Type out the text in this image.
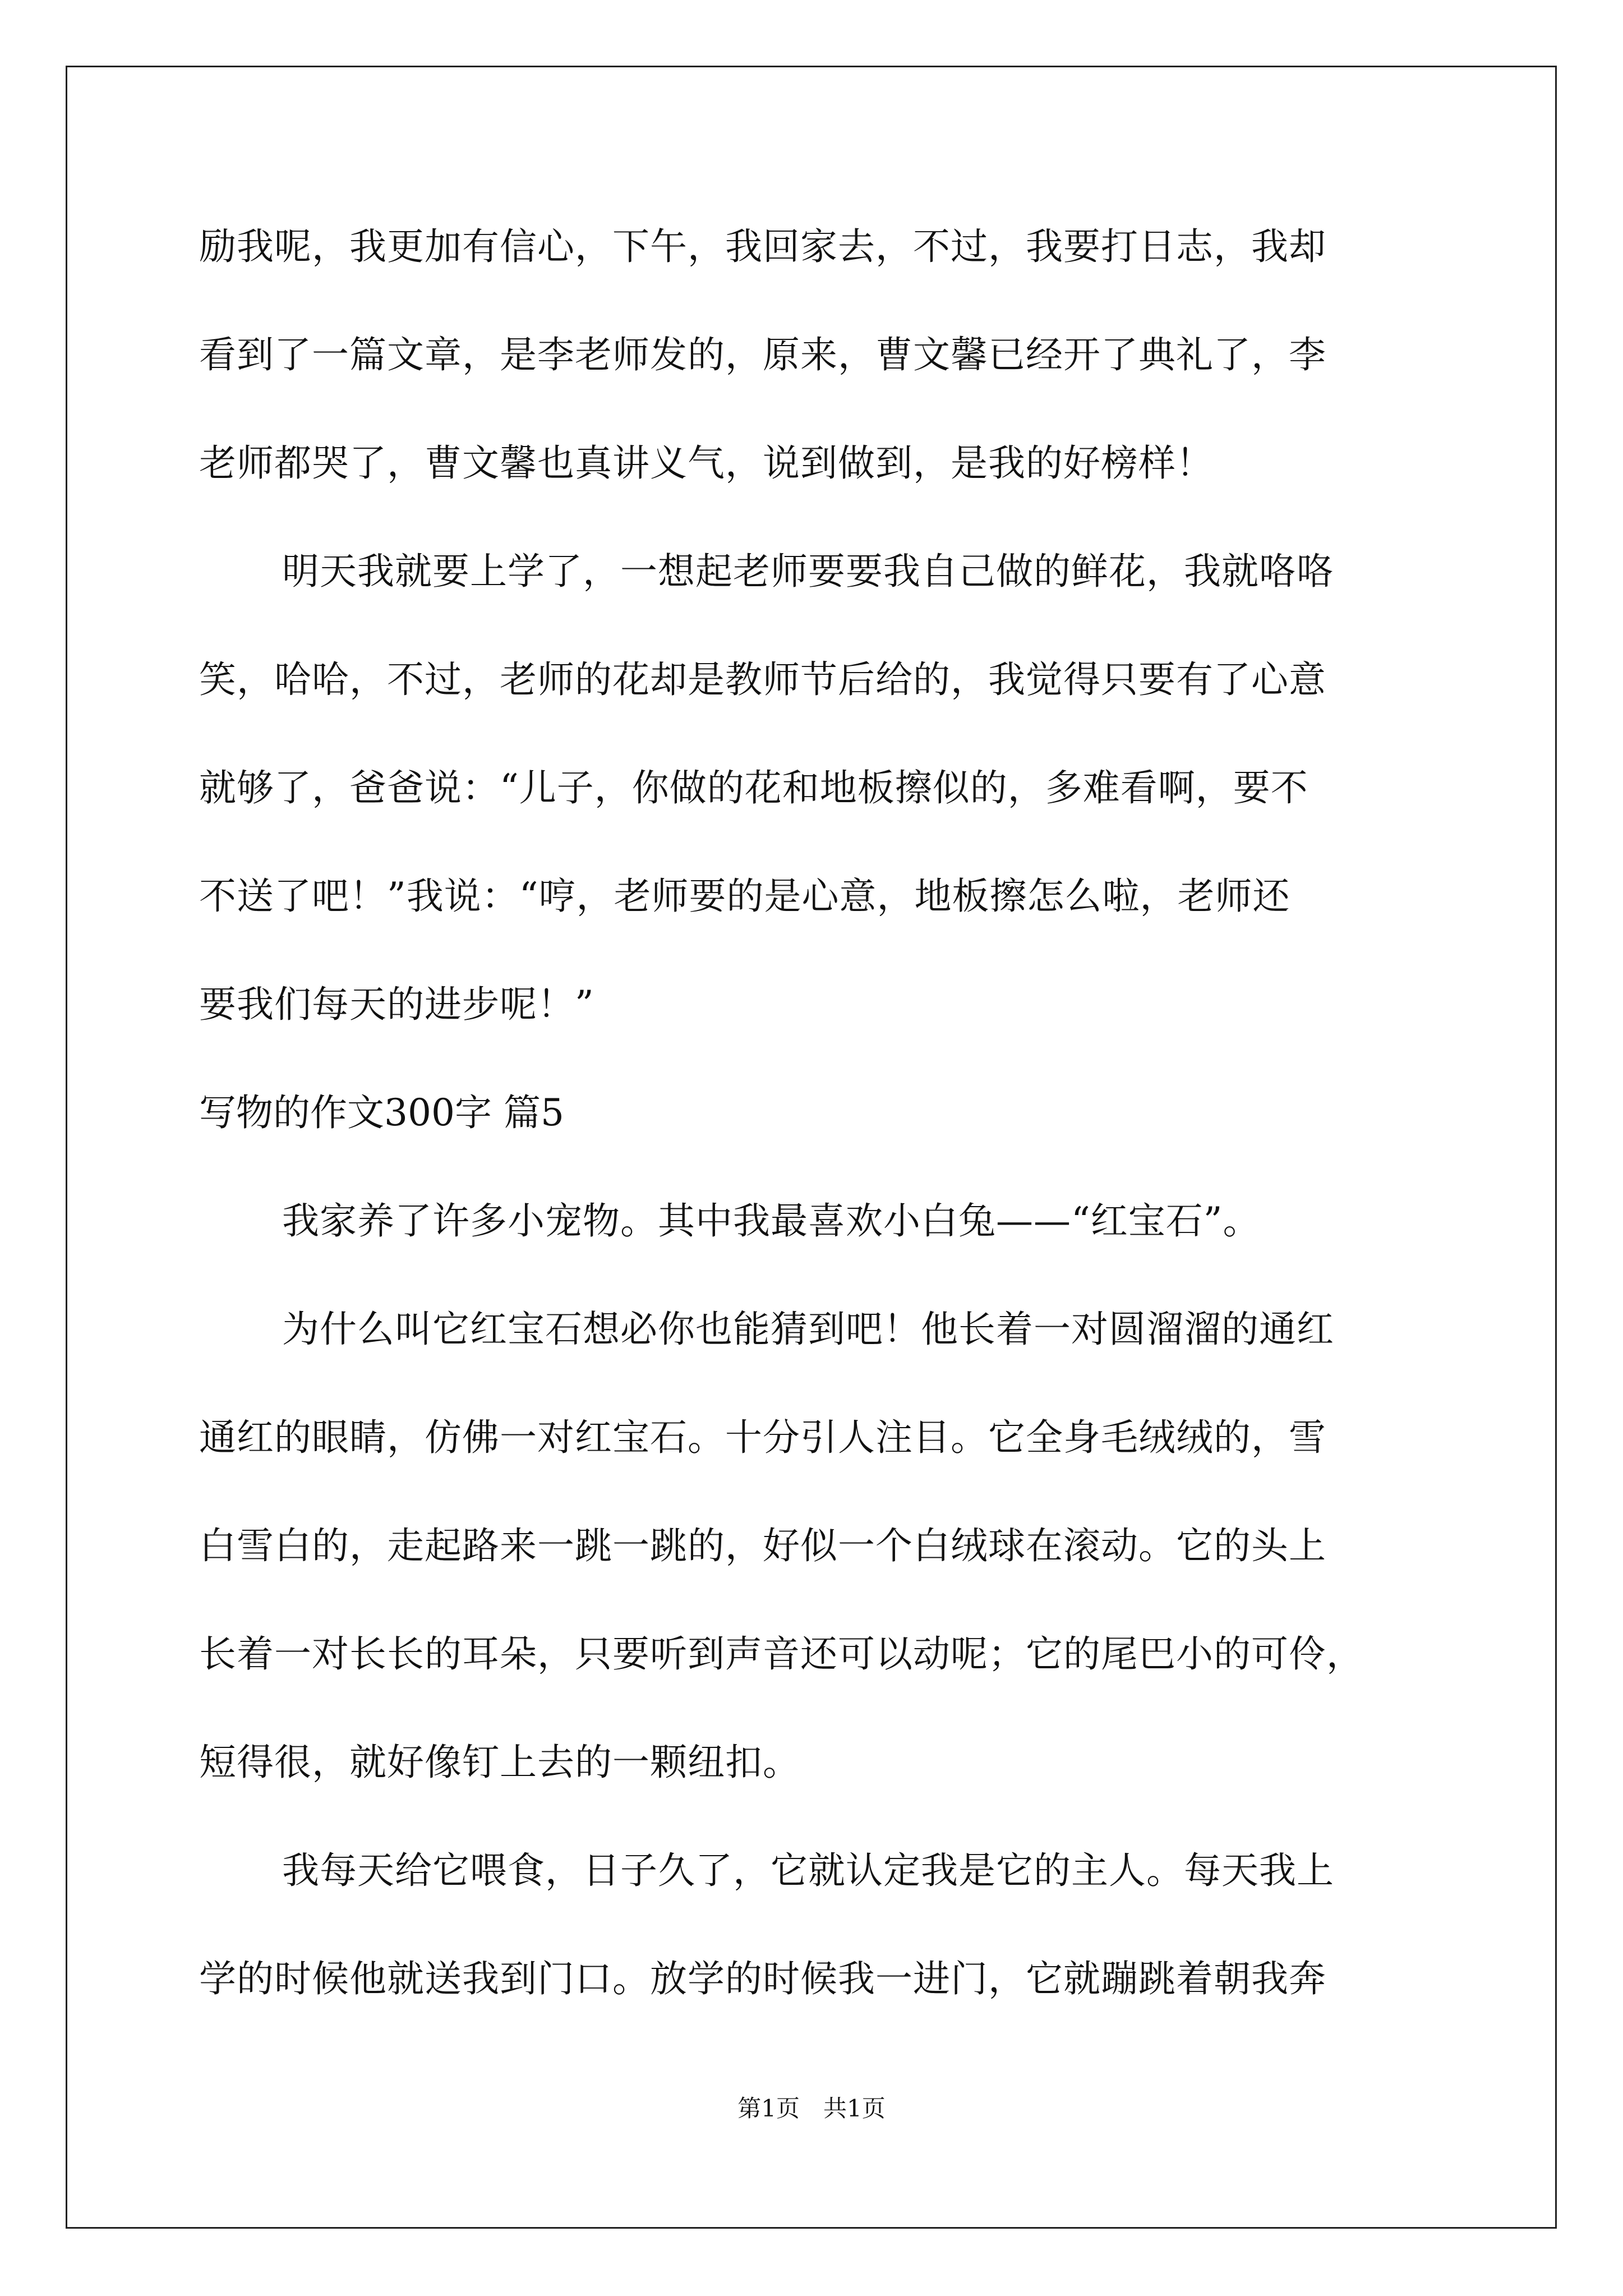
励我呢，我更加有信心，下午，我回家去，不过，我要打日志，我却
看到了一篇文章，是李老师发的，原来，曹文馨已经开了典礼了，李
老师都哭了，曹文馨也真讲义气，说到做到，是我的好榜样！
明天我就要上学了，一想起老师要要我自己做的鲜花，我就咯咯
笑，哈哈，不过，老师的花却是教师节后给的，我觉得只要有了心意
就够了，爸爸说：“儿子，你做的花和地板擦似的，多难看啊，要不
不送了吧！”我说：“哼，老师要的是心意，地板擦怎么啦，老师还
要我们每天的进步呢！”
写物的作文300字 篇5
我家养了许多小宠物。其中我最喜欢小白兔——“红宝石”。
为什么叫它红宝石想必你也能猜到吧！他长着一对圆溜溜的通红
通红的眼睛，仿佛一对红宝石。十分引人注目。它全身毛绒绒的，雪
白雪白的，走起路来一跳一跳的，好似一个白绒球在滚动。它的头上
长着一对长长的耳朵，只要听到声音还可以动呢；它的尾巴小的可伶，
短得很，就好像钉上去的一颗纽扣。
我每天给它喂食，日子久了，它就认定我是它的主人。每天我上
学的时候他就送我到门口。放学的时候我一进门，它就蹦跳着朝我奔
第1页　共1页
